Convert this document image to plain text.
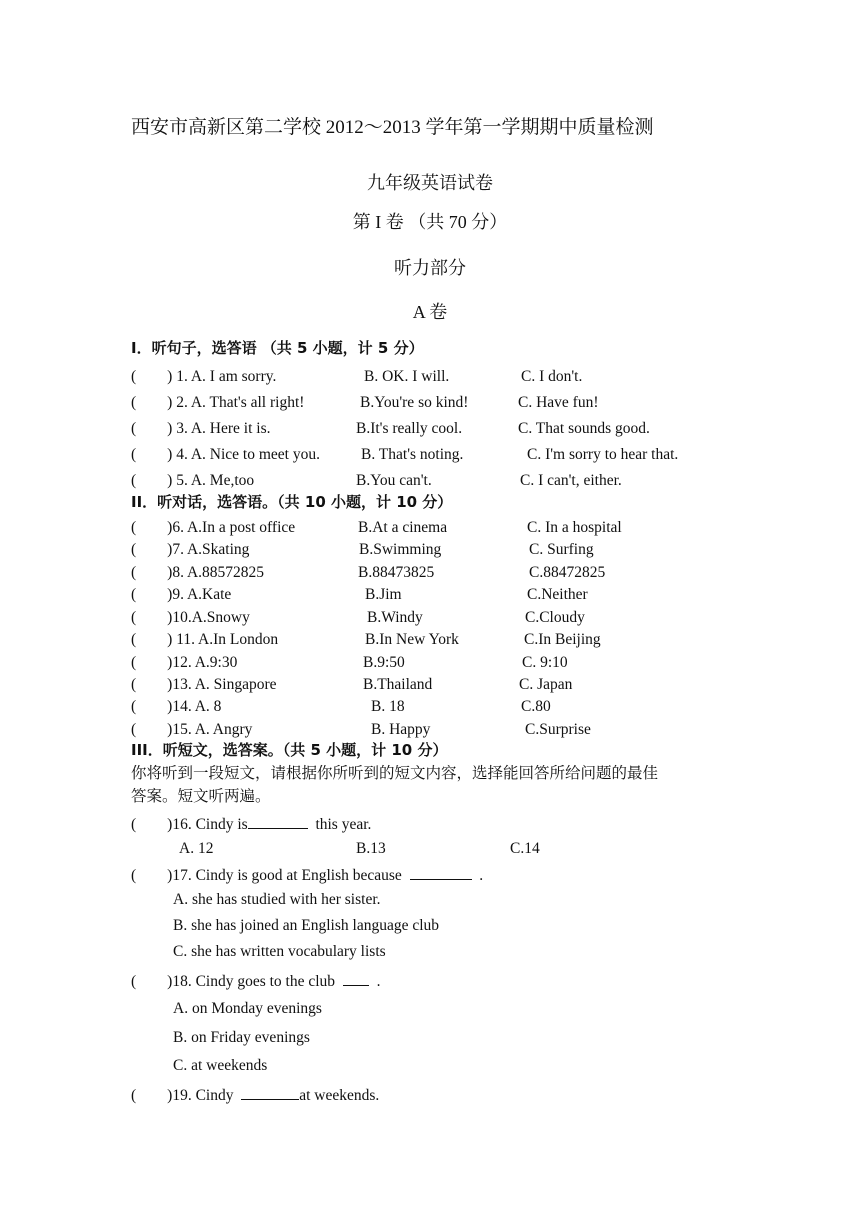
西安市高新区第二学校 2012～2013 学年第一学期期中质量检测
九年级英语试卷
第 I 卷 （共 70 分）
听力部分
A 卷
I．听句子，选答语 （共 5 小题，计 5 分）
(        ) 1. A. I am sorry.	B. OK. I will.	C. I don't.
(        ) 2. A. That's all right!	B.You're so kind!	C. Have fun!
(        ) 3. A. Here it is.	B.It's really cool.	C. That sounds good.
(        ) 4. A. Nice to meet you.	B. That's noting.	C. I'm sorry to hear that.
(        ) 5. A. Me,too	B.You can't.	C. I can't, either.
II．听对话，选答语。（共 10 小题，计 10 分）
(        )6. A.In a post office	B.At a cinema	C. In a hospital
(        )7. A.Skating	B.Swimming	C. Surfing
(        )8. A.88572825	B.88473825	C.88472825
(        )9. A.Kate	B.Jim	C.Neither
(        )10.A.Snowy	B.Windy	C.Cloudy
(        ) 11. A.In London	B.In New York	C.In Beijing
(        )12. A.9:30	B.9:50	C. 9:10
(        )13. A. Singapore	B.Thailand	C. Japan
(        )14. A. 8	B. 18	C.80
(        )15. A. Angry	B. Happy	C.Surprise
III．听短文，选答案。（共 5 小题，计 10 分）
你将听到一段短文，请根据你所听到的短文内容，选择能回答所给问题的最佳
答案。短文听两遍。
(        )16. Cindy is	this year.
A. 12	B.13	C.14
(        )17. Cindy is good at English because	.
A. she has studied with her sister.
B. she has joined an English language club
C. she has written vocabulary lists
(        )18. Cindy goes to the club	.
A. on Monday evenings
B. on Friday evenings
C. at weekends
(        )19. Cindy	at weekends.
